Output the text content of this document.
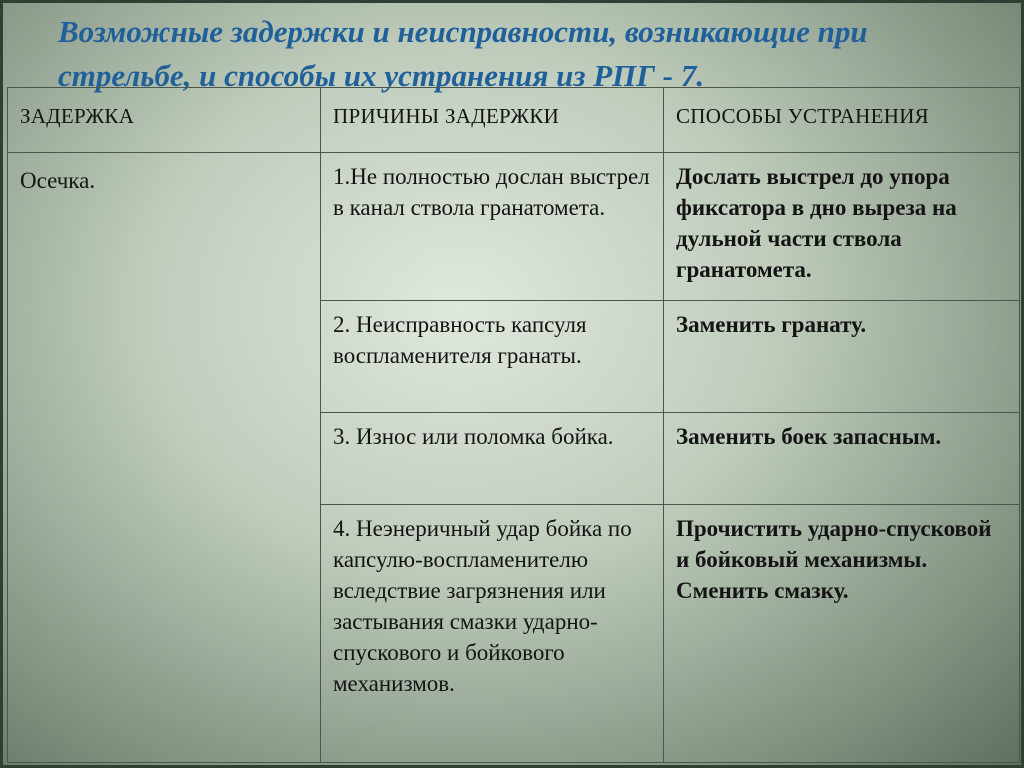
Возможные задержки и неисправности, возникающие при стрельбе, и способы их устранения из РПГ - 7.
ЗАДЕРЖКА	ПРИЧИНЫ ЗАДЕРЖКИ	СПОСОБЫ УСТРАНЕНИЯ
Осечка.	1.Не полностью дослан выстрел в канал ствола гранатомета.	Дослать выстрел до упора фиксатора в дно выреза на дульной части ствола гранатомета.
	2. Неисправность капсуля воспламенителя гранаты.	Заменить гранату.
	3. Износ или поломка бойка.	Заменить боек запасным.
	4. Неэнеричный удар бойка по капсулю-воспламенителю вследствие загрязнения или застывания смазки ударно-спускового и бойкового механизмов.	Прочистить ударно-спусковой и бойковый механизмы. Сменить смазку.
